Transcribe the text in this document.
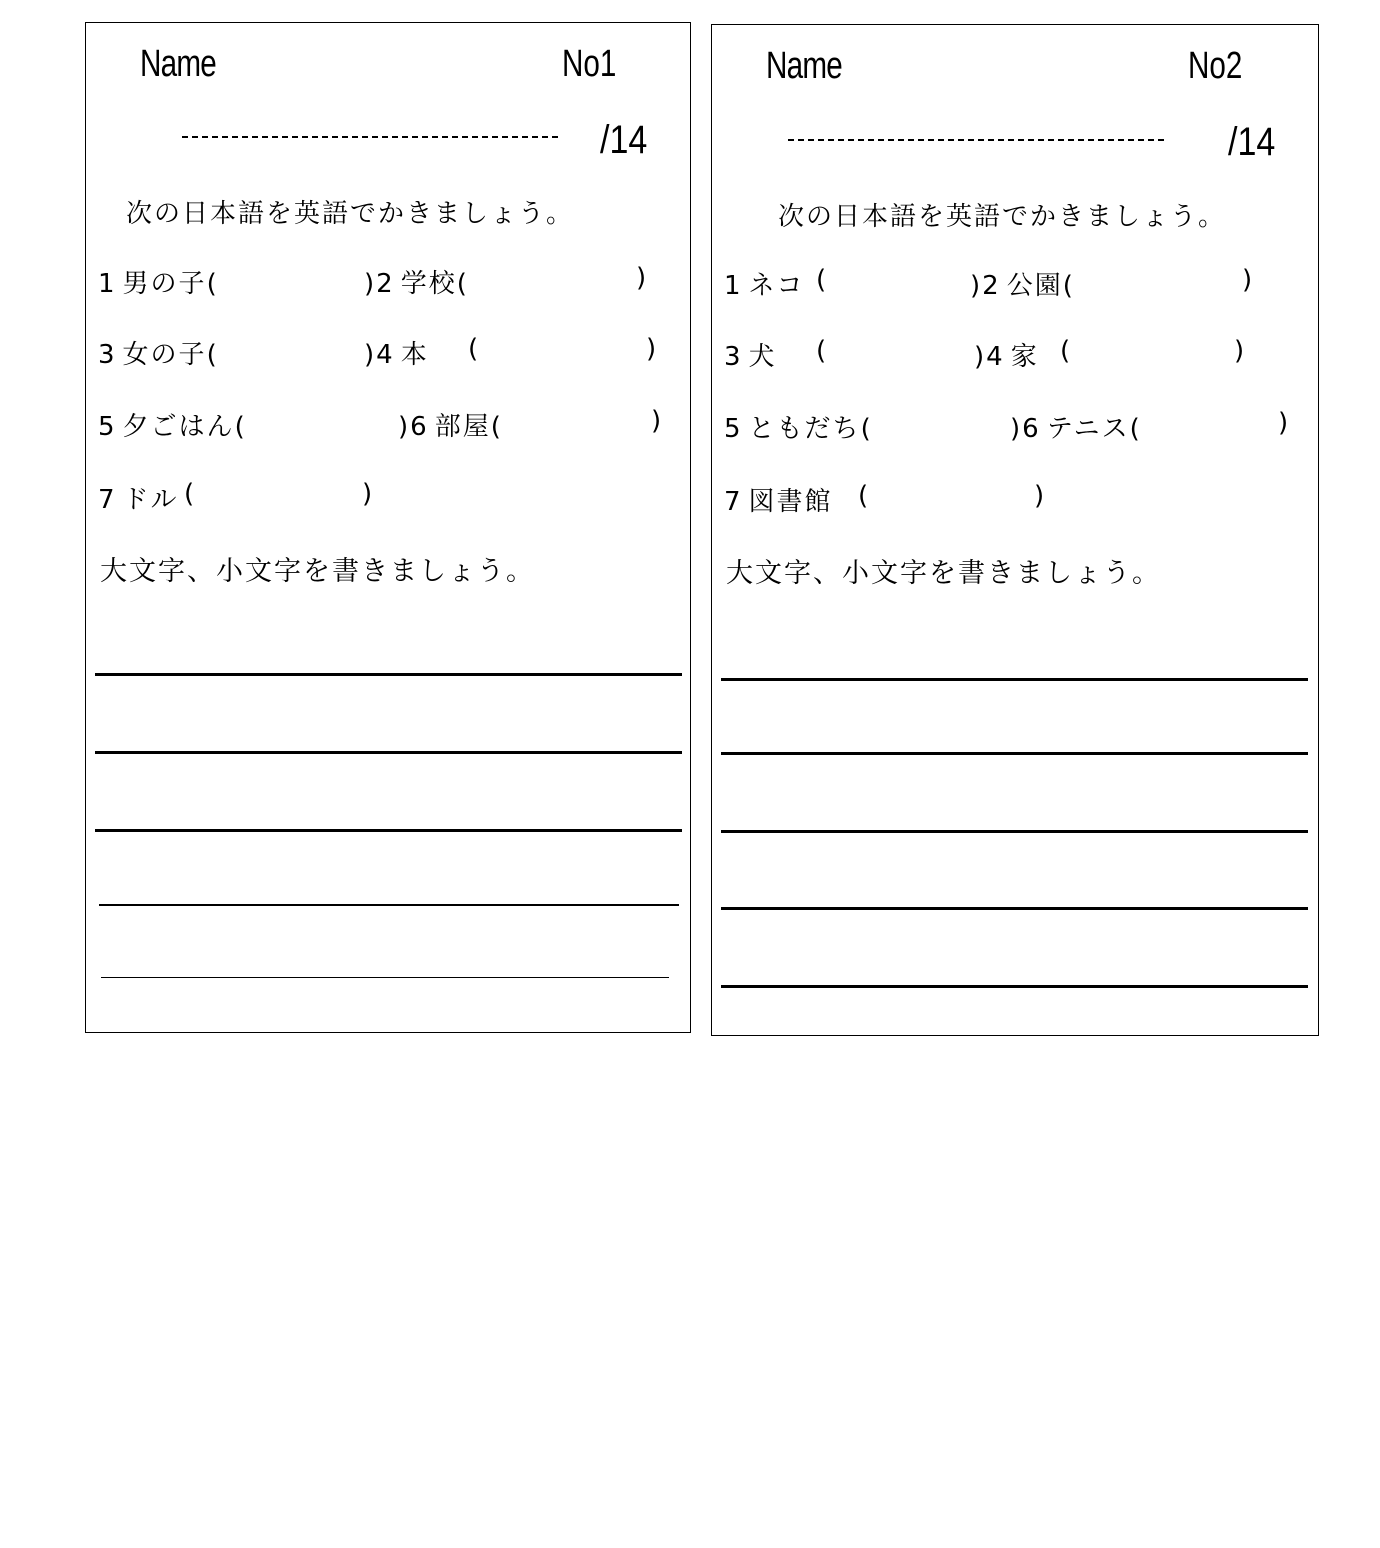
Name	No1
/14
次の日本語を英語でかきましょう。
1 男の子(	)2 学校(	)
3 女の子(	)4 本 (	)
5 夕ごはん(	)6 部屋(	)
7 ドル (	)
大文字、小文字を書きましょう。
Name	No2
/14
次の日本語を英語でかきましょう。
1 ネコ (	)2 公園(	)
3 犬 (	)4 家 (	)
5 ともだち(	)6 テニス(	)
7 図書館 (	)
大文字、小文字を書きましょう。
